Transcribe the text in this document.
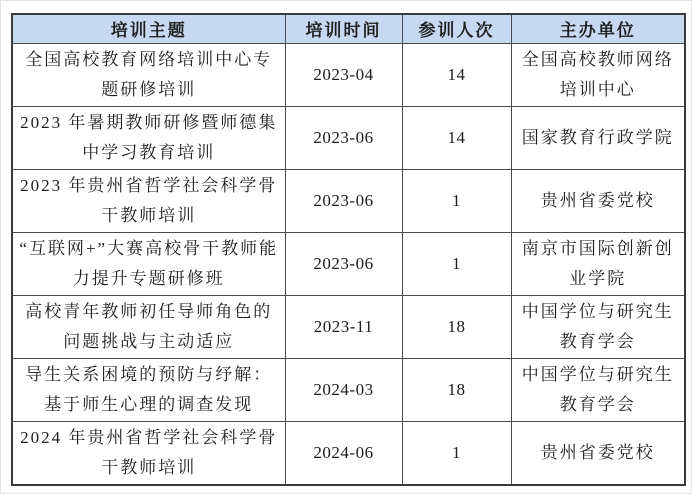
培训主题	培训时间	参训人次	主办单位
全国高校教育网络培训中心专题研修培训	2023-04	14	全国高校教师网络培训中心
2023 年暑期教师研修暨师德集中学习教育培训	2023-06	14	国家教育行政学院
2023 年贵州省哲学社会科学骨干教师培训	2023-06	1	贵州省委党校
“互联网+”大赛高校骨干教师能力提升专题研修班	2023-06	1	南京市国际创新创业学院
高校青年教师初任导师角色的问题挑战与主动适应	2023-11	18	中国学位与研究生教育学会
导生关系困境的预防与纾解：基于师生心理的调查发现	2024-03	18	中国学位与研究生教育学会
2024 年贵州省哲学社会科学骨干教师培训	2024-06	1	贵州省委党校
